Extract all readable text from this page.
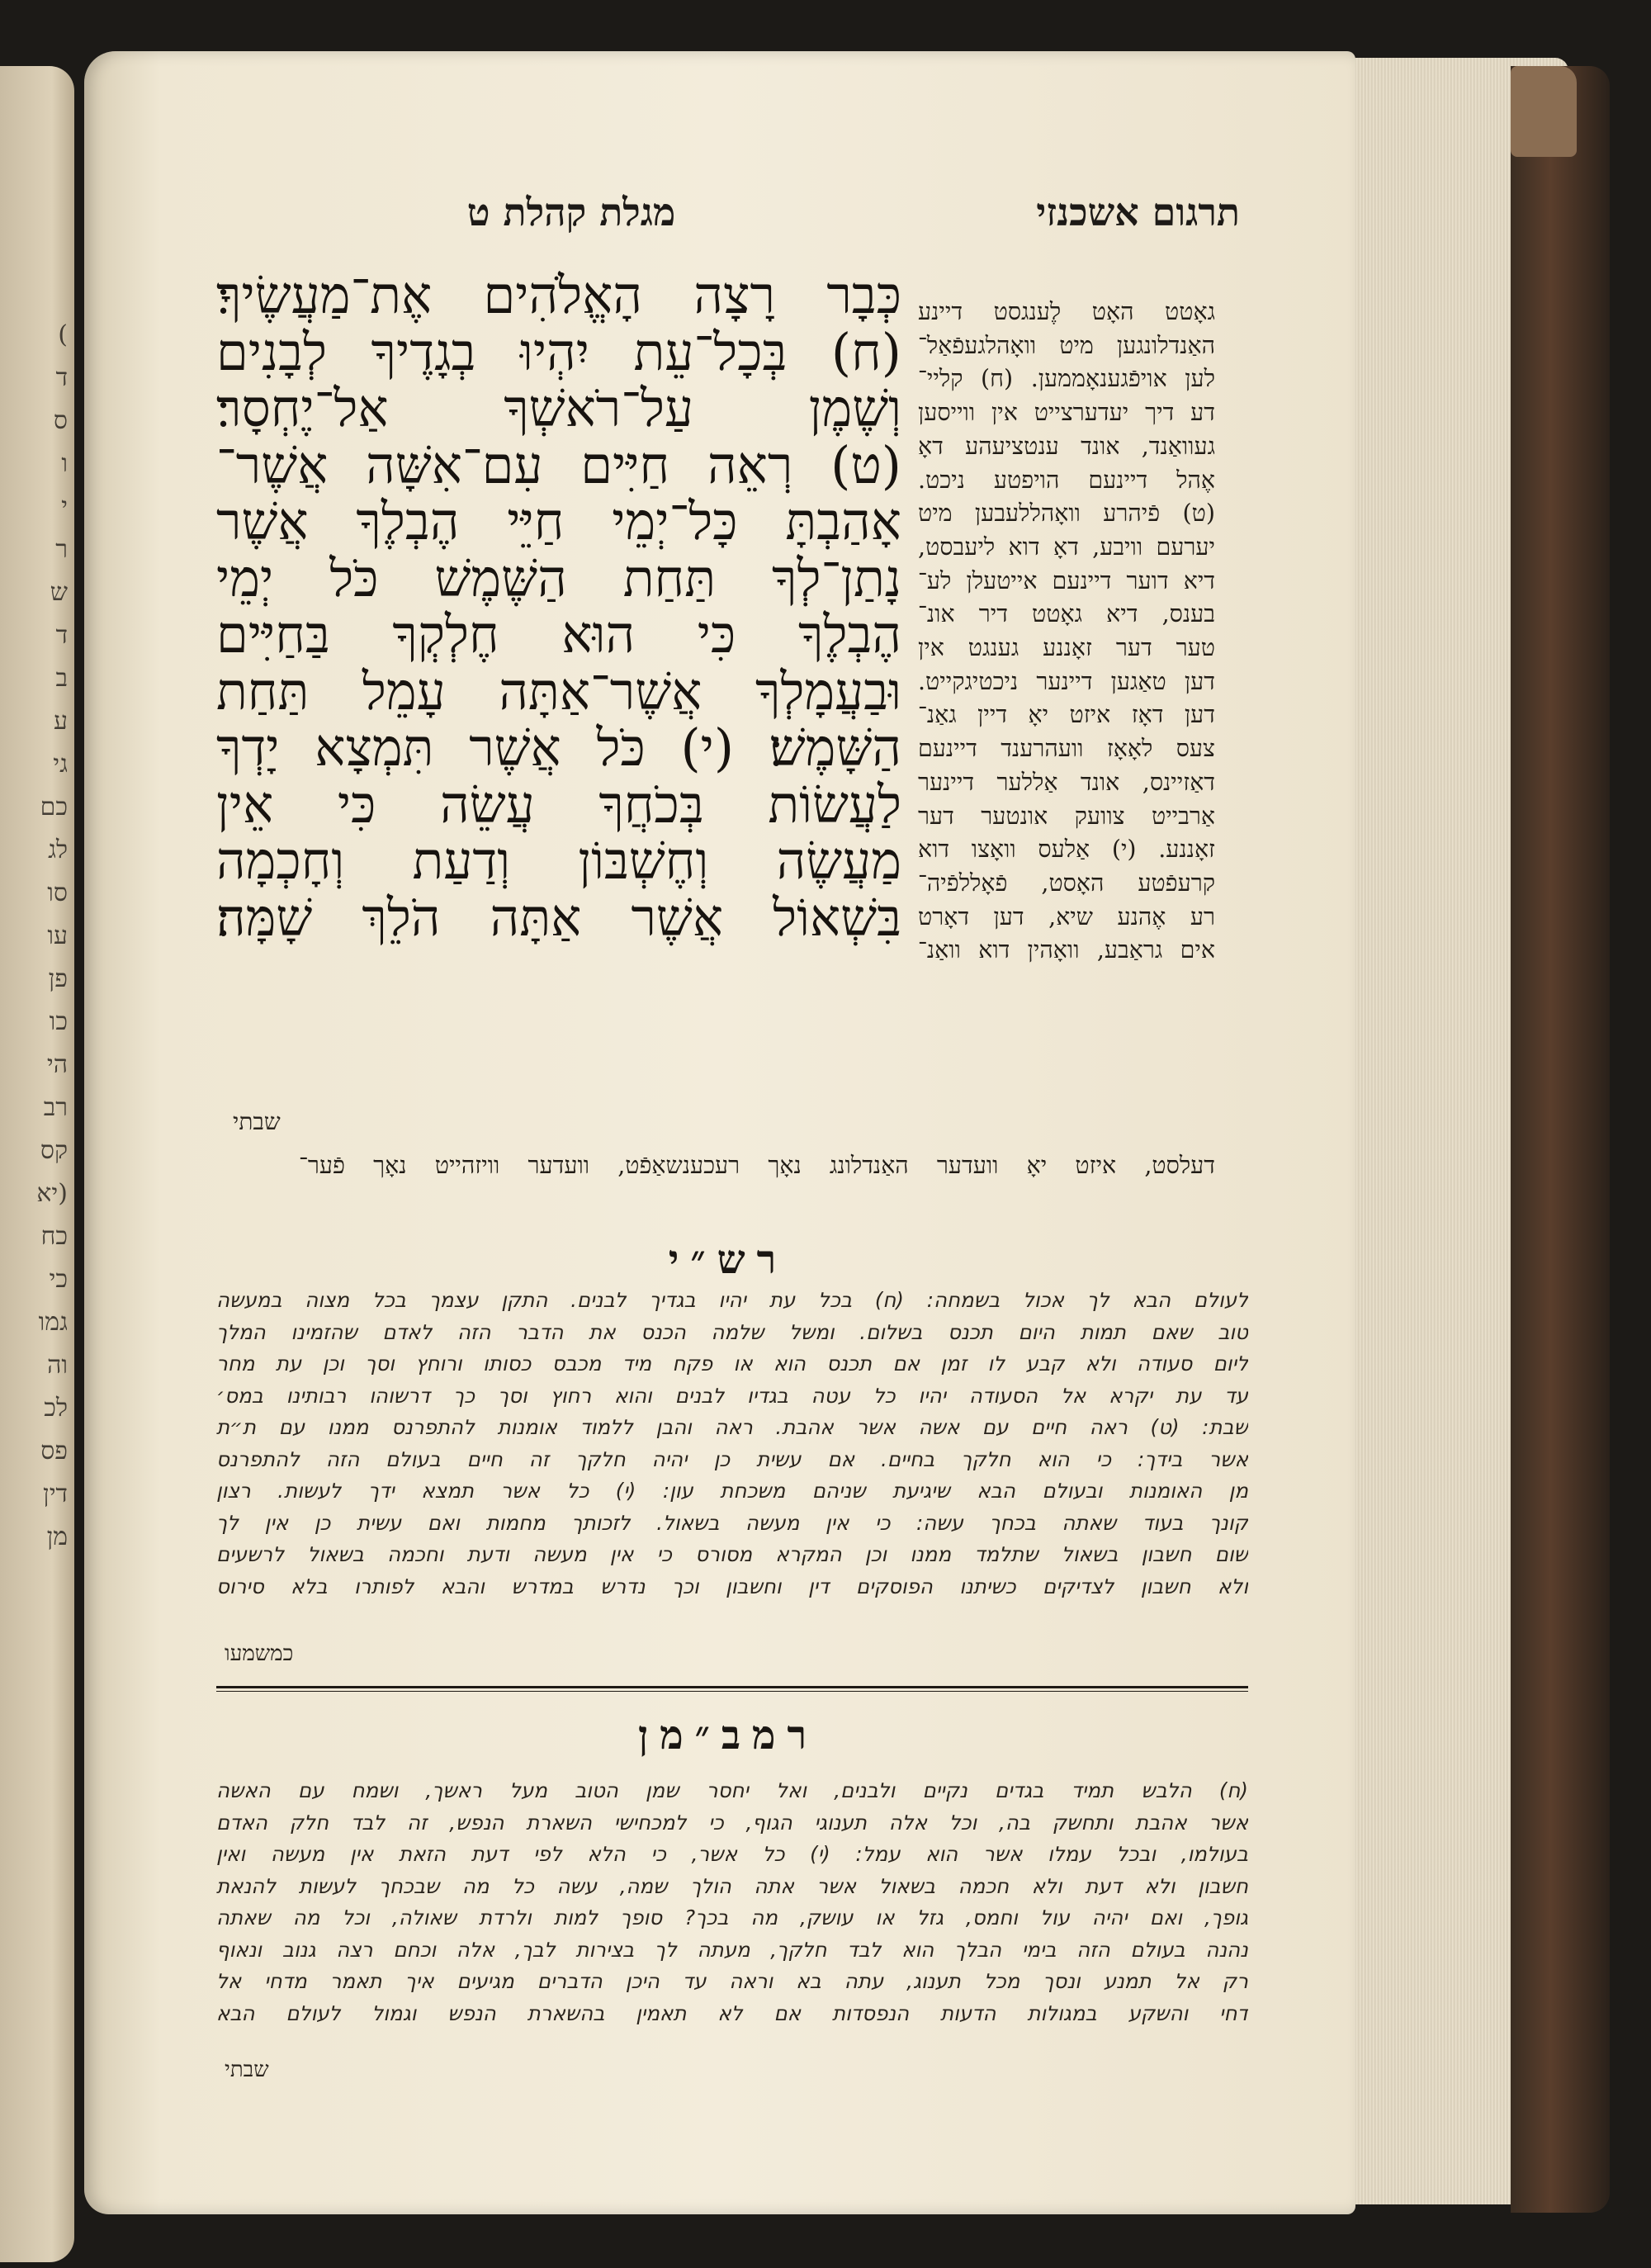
)
ד
ס
ו
י
ר
ש
ד
ב
ע
גי
כם
לג
סו
עו
פן
כו
הי
רב
קס
(יא
כח
כי
גמו
וה
לכ
פס
דין
מן
תרגום אשכנזי
מגלת קהלת ט
כְּבָר רָצָה הָאֱלֹהִים אֶת־מַעֲשֶׂיךָ׃
(ח) בְּכָל־עֵת יִהְיוּ בְגָדֶיךָ לְבָנִים
וְשֶׁמֶן עַל־רֹאשְׁךָ אַל־יֶחְסָר׃
(ט) רְאֵה חַיִּים עִם־אִשָּׁה אֲשֶׁר־
אָהַבְתָּ כָּל־יְמֵי חַיֵּי הֶבְלֶךָ אֲשֶׁר
נָתַן־לְךָ תַּחַת הַשֶּׁמֶשׁ כֹּל יְמֵי
הֶבְלֶךָ כִּי הוּא חֶלְקְךָ בַּחַיִּים
וּבַעֲמָלְךָ אֲשֶׁר־אַתָּה עָמֵל תַּחַת
הַשָּׁמֶשׁ׃ (י) כֹּל אֲשֶׁר תִּמְצָא יָדְךָ
לַעֲשׂוֹת בְּכֹחֲךָ עֲשֵׂה כִּי אֵין
מַעֲשֶׂה וְחֶשְׁבּוֹן וְדַעַת וְחָכְמָה
בִּשְׁאוֹל אֲשֶׁר אַתָּה הֹלֵךְ שָׁמָּה׃
שבתי
גאָטט האָט לֶענגסט דיינע
האַנדלונגען מיט וואָהלגעפֿאַל־
לען אויפֿגענאָממען. (ח) קליי־
דע דיך יעדערצייט אין ווייסען
געוואַנד, אונד ענטציעהע דאָ
אֶהל דיינעם הויפטע ניכט.
(ט) פֿיהרע וואָהללעבען מיט
יערעם וויבע, דאָ דוא ליעבסט,
דיא דוער דיינעם אייטעלן לע־
בענס, דיא גאָטט דיר אונ־
טער דער זאָננע גענגט אין
דען טאַגען דיינער ניכטיגקייט.
דען דאָז איזט יאָ דיין גאַנ־
צעס לאָאָז וועהרענד דיינעם
דאַזיינס, אונד אַללער דיינער
אַרבייט צוועק אונטער דער
זאָננע. (י) אַלעס וואָצו דוא
קרעפֿטע האָסט, פֿאָללפֿיה־
רע אֶהנע שיא, דען דאָרט
אים גראַבע, וואָהין דוא וואַנ־
דעלסט, איזט יאָ וועדער האַנדלונג נאָך רעכענשאַפֿט, וועדער וויזהייט נאָך פֿער־
רש״י
לעולם הבא לך אכול בשמחה: (ח) בכל עת יהיו בגדיך לבנים. התקן עצמך בכל מצוה במעשה
טוב שאם תמות היום תכנס בשלום. ומשל שלמה הכנס את הדבר הזה לאדם שהזמינו המלך
ליום סעודה ולא קבע לו זמן אם תכנס הוא או פקח מיד מכבס כסותו ורוחץ וסך וכן עת מחר
עד עת יקרא אל הסעודה יהיו כל עטה בגדיו לבנים והוא רחוץ וסך כך דרשוהו רבותינו במס׳
שבת: (ט) ראה חיים עם אשה אשר אהבת. ראה והבן ללמוד אומנות להתפרנס ממנו עם ת״ת
אשר בידך: כי הוא חלקך בחיים. אם עשית כן יהיה חלקך זה חיים בעולם הזה להתפרנס
מן האומנות ובעולם הבא שיגיעת שניהם משכחת עון: (י) כל אשר תמצא ידך לעשות. רצון
קונך בעוד שאתה בכחך עשה: כי אין מעשה בשאול. לזכותך מחמות ואם עשית כן אין לך
שום חשבון בשאול שתלמד ממנו וכן המקרא מסורס כי אין מעשה ודעת וחכמה בשאול לרשעים
ולא חשבון לצדיקים כשיתנו הפוסקים דין וחשבון וכך נדרש במדרש והבא לפותרו בלא סירוס
כמשמעו
רמב״מן
(ח) הלבש תמיד בגדים נקיים ולבנים, ואל יחסר שמן הטוב מעל ראשך, ושמח עם האשה
אשר אהבת ותחשק בה, וכל אלה תענוגי הגוף, כי למכחישי השארת הנפש, זה לבד חלק האדם
בעולמו, ובכל עמלו אשר הוא עמל: (י) כל אשר, כי הלא לפי דעת הזאת אין מעשה ואין
חשבון ולא דעת ולא חכמה בשאול אשר אתה הולך שמה, עשה כל מה שבכחך לעשות להנאת
גופך, ואם יהיה עול וחמס, גזל או עושק, מה בכך? סופך למות ולרדת שאולה, וכל מה שאתה
נהנה בעולם הזה בימי הבלך הוא לבד חלקך, מעתה לך בצירות לבך, אלה וכחם רצה גנוב ונאוף
רק אל תמנע ונסך מכל תענוג, עתה בא וראה עד היכן הדברים מגיעים איך תאמר מדחי אל
דחי והשקע במגולות הדעות הנפסדות אם לא תאמין בהשארת הנפש וגמול לעולם הבא
שבתי
